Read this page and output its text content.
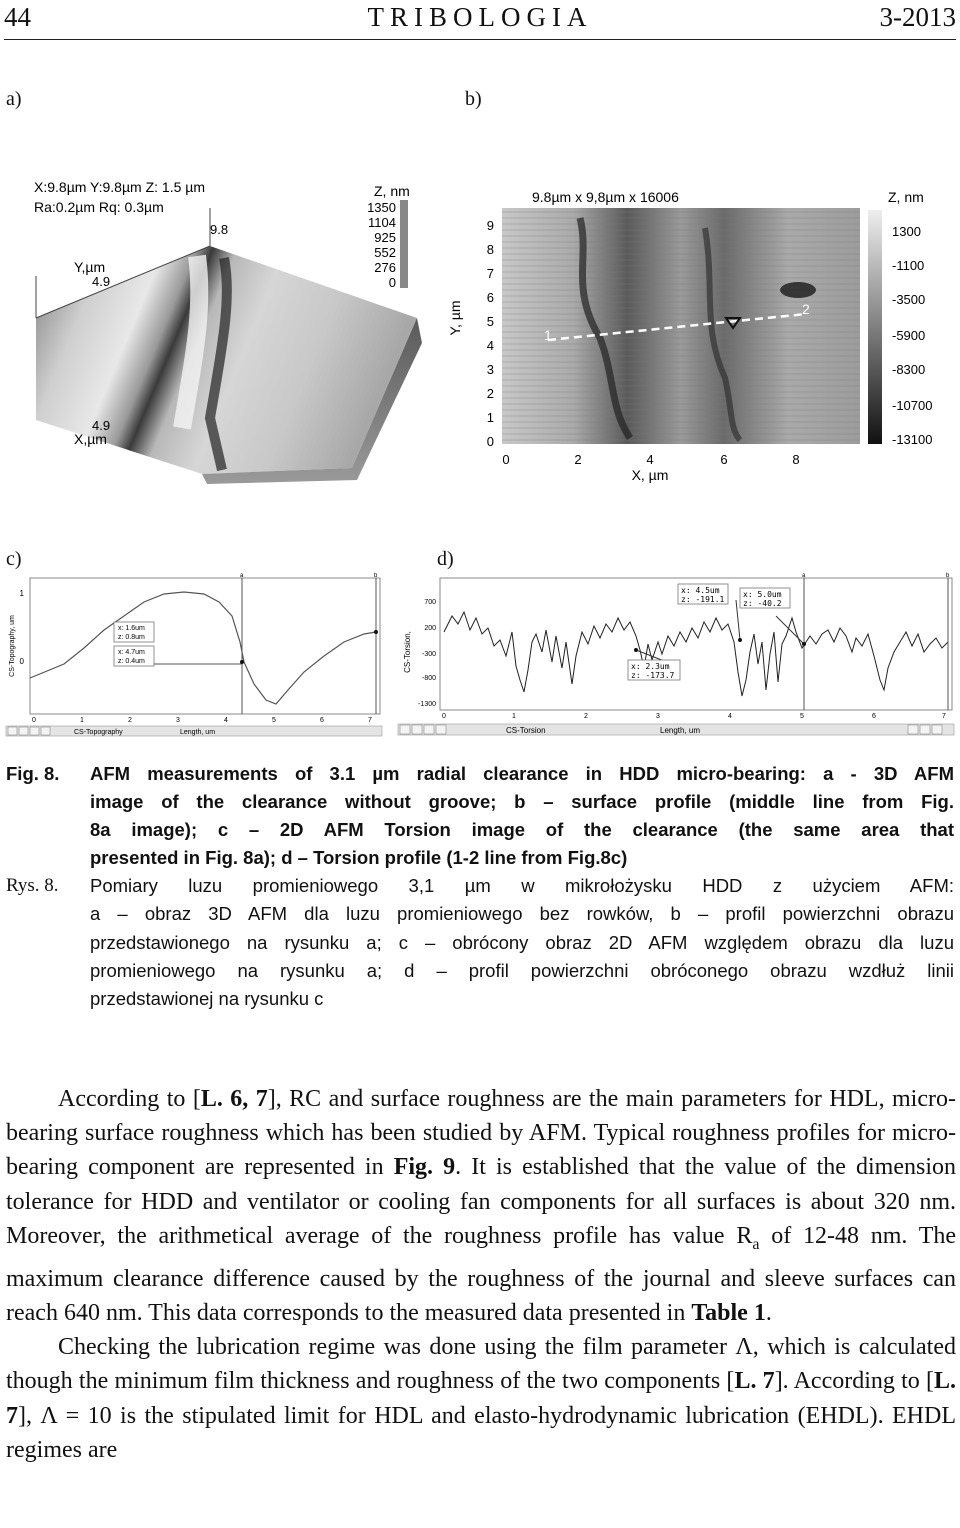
44	TRIBOLOGIA	3-2013
a)	b)
c)	d)
X:9.8µm Y:9.8µm Z: 1.5 µm
Ra:0.2µm Rq: 0.3µm
Z, nm
1350
1104
925
552
276
0
9.8
Y,µm
4.9
4.9
X,µm
9.8µm x 9,8µm x 16006
1
2
Y, µm
9
8
7
6
5
4
3
2
1
0
0	2	4	6	8
X, µm
Z, nm
1300
-1100
-3500
-5900
-8300
-10700
-13100
CS-Topography, um
1
0
a	b
x: 1.6um
z: 0.8um
x: 4.7um
z: 0.4um
0	1	2	3	4	5	6	7
CS-Topography	Length, um
CS-Torsion,
700
200
-300
-800
-1300
a	b
x: 4.5um
z: -191.1
x: 5.0um
z: -40.2
x: 2.3um
z: -173.7
0	1	2	3	4	5	6	7
CS-Torsion	Length, um
Fig. 8. AFM measurements of 3.1 µm radial clearance in HDD micro-bearing: a - 3D AFM
image of the clearance without groove; b – surface profile (middle line from Fig.
8a image); c – 2D AFM Torsion image of the clearance (the same area that
presented in Fig. 8a); d – Torsion profile (1-2 line from Fig.8c)
Rys. 8. Pomiary luzu promieniowego 3,1 µm w mikrołożysku HDD z użyciem AFM:
a – obraz 3D AFM dla luzu promieniowego bez rowków, b – profil powierzchni obrazu
przedstawionego na rysunku a; c – obrócony obraz 2D AFM względem obrazu dla luzu
promieniowego na rysunku a; d – profil powierzchni obróconego obrazu wzdłuż linii
przedstawionej na rysunku c

According to [L. 6, 7], RC and surface roughness are the main parameters for HDL, micro-bearing surface roughness which has been studied by AFM. Typical roughness profiles for micro-bearing component are represented in Fig. 9. It is established that the value of the dimension tolerance for HDD and ventilator or cooling fan components for all surfaces is about 320 nm. Moreover, the arithmetical average of the roughness profile has value $R_a$ of 12-48 nm. The maximum clearance difference caused by the roughness of the journal and sleeve surfaces can reach 640 nm. This data corresponds to the measured data presented in Table 1.

Checking the lubrication regime was done using the film parameter Λ, which is calculated though the minimum film thickness and roughness of the two components [L. 7]. According to [L. 7], Λ = 10 is the stipulated limit for HDL and elasto-hydrodynamic lubrication (EHDL). EHDL regimes are
